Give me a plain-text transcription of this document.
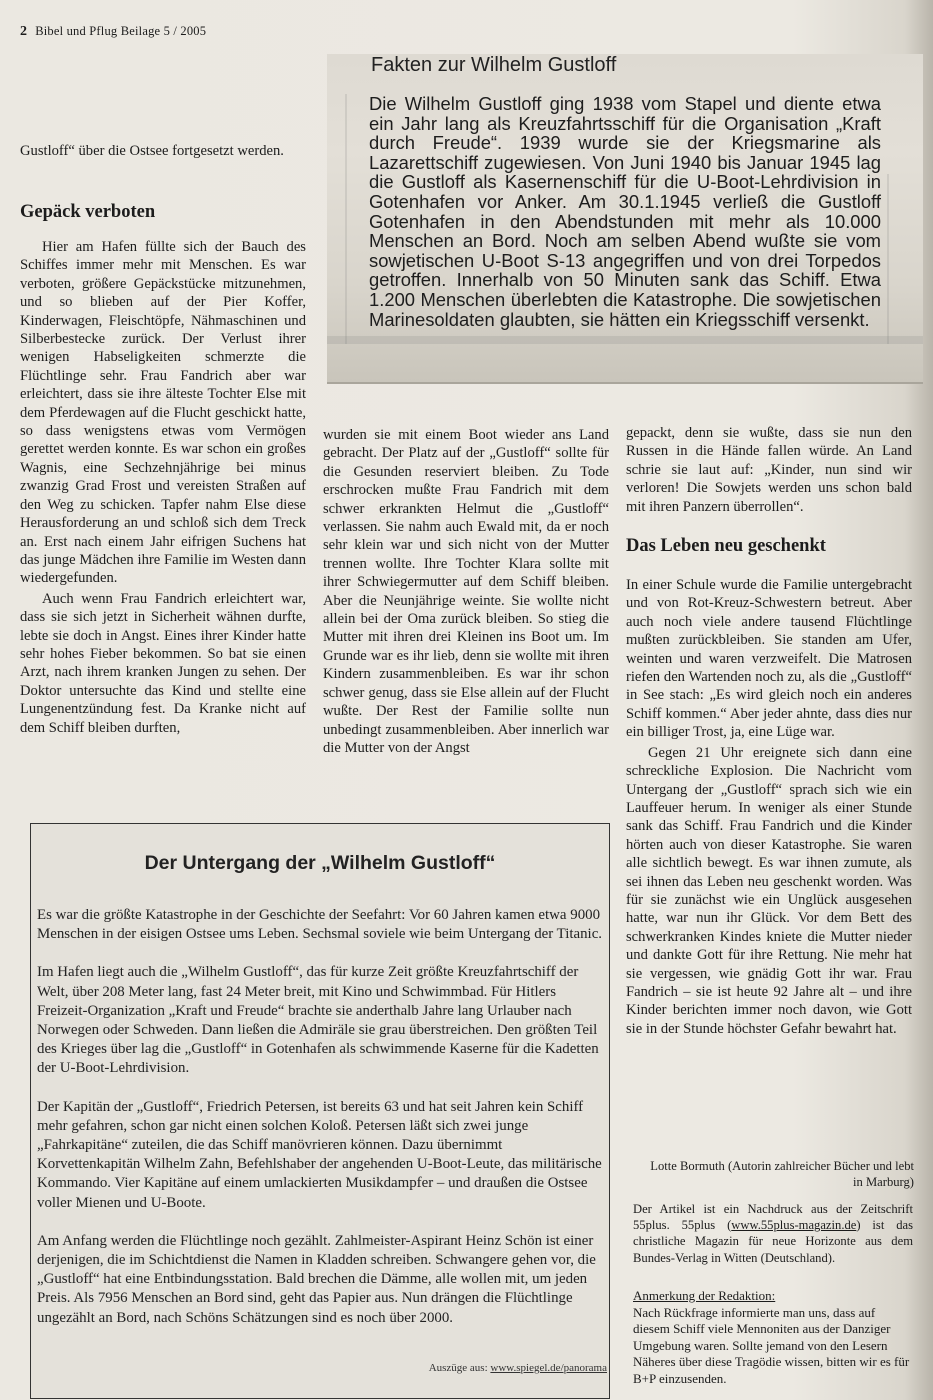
2 Bibel und Pflug Beilage 5 / 2005
Fakten zur Wilhelm Gustloff
Die Wilhelm Gustloff ging 1938 vom Stapel und diente etwa ein Jahr lang als Kreuzfahrtsschiff für die Organisation „Kraft durch Freude“. 1939 wurde sie der Kriegsmarine als Lazarettschiff zugewiesen. Von Juni 1940 bis Januar 1945 lag die Gustloff als Kasernenschiff für die U-Boot-Lehrdivision in Gotenhafen vor Anker. Am 30.1.1945 verließ die Gustloff Gotenhafen in den Abendstunden mit mehr als 10.000 Menschen an Bord. Noch am selben Abend wußte sie vom sowjetischen U-Boot S-13 angegriffen und von drei Torpedos getroffen. Innerhalb von 50 Minuten sank das Schiff. Etwa 1.200 Menschen überlebten die Katastrophe. Die sowjetischen Marinesoldaten glaubten, sie hätten ein Kriegsschiff versenkt.

Gustloff“ über die Ostsee fortgesetzt werden.

Gepäck verboten

Hier am Hafen füllte sich der Bauch des Schiffes immer mehr mit Menschen. Es war verboten, größere Gepäckstücke mitzunehmen, und so blieben auf der Pier Koffer, Kinderwagen, Fleischtöpfe, Nähmaschinen und Silberbestecke zurück. Der Verlust ihrer wenigen Habseligkeiten schmerzte die Flüchtlinge sehr. Frau Fandrich aber war erleichtert, dass sie ihre älteste Tochter Else mit dem Pferdewagen auf die Flucht geschickt hatte, so dass wenigstens etwas vom Vermögen gerettet werden konnte. Es war schon ein großes Wagnis, eine Sechzehnjährige bei minus zwanzig Grad Frost und vereisten Straßen auf den Weg zu schicken. Tapfer nahm Else diese Herausforderung an und schloß sich dem Treck an. Erst nach einem Jahr eifrigen Suchens hat das junge Mädchen ihre Familie im Westen dann wiedergefunden.

Auch wenn Frau Fandrich erleichtert war, dass sie sich jetzt in Sicherheit wähnen durfte, lebte sie doch in Angst. Eines ihrer Kinder hatte sehr hohes Fieber bekommen. So bat sie einen Arzt, nach ihrem kranken Jungen zu sehen. Der Doktor untersuchte das Kind und stellte eine Lungenentzündung fest. Da Kranke nicht auf dem Schiff bleiben durften,

wurden sie mit einem Boot wieder ans Land gebracht. Der Platz auf der „Gustloff“ sollte für die Gesunden reserviert bleiben. Zu Tode erschrocken mußte Frau Fandrich mit dem schwer erkrankten Helmut die „Gustloff“ verlassen. Sie nahm auch Ewald mit, da er noch sehr klein war und sich nicht von der Mutter trennen wollte. Ihre Tochter Klara sollte mit ihrer Schwiegermutter auf dem Schiff bleiben. Aber die Neunjährige weinte. Sie wollte nicht allein bei der Oma zurück bleiben. So stieg die Mutter mit ihren drei Kleinen ins Boot um. Im Grunde war es ihr lieb, denn sie wollte mit ihren Kindern zusammenbleiben. Es war ihr schon schwer genug, dass sie Else allein auf der Flucht wußte. Der Rest der Familie sollte nun unbedingt zusammenbleiben. Aber innerlich war die Mutter von der Angst

gepackt, denn sie wußte, dass sie nun den Russen in die Hände fallen würde. An Land schrie sie laut auf: „Kinder, nun sind wir verloren! Die Sowjets werden uns schon bald mit ihren Panzern überrollen“.

Das Leben neu geschenkt

In einer Schule wurde die Familie untergebracht und von Rot-Kreuz-Schwestern betreut. Aber auch noch viele andere tausend Flüchtlinge mußten zurückbleiben. Sie standen am Ufer, weinten und waren verzweifelt. Die Matrosen riefen den Wartenden noch zu, als die „Gustloff“ in See stach: „Es wird gleich noch ein anderes Schiff kommen.“ Aber jeder ahnte, dass dies nur ein billiger Trost, ja, eine Lüge war.

Gegen 21 Uhr ereignete sich dann eine schreckliche Explosion. Die Nachricht vom Untergang der „Gustloff“ sprach sich wie ein Lauffeuer herum. In weniger als einer Stunde sank das Schiff. Frau Fandrich und die Kinder hörten auch von dieser Katastrophe. Sie waren alle sichtlich bewegt. Es war ihnen zumute, als sei ihnen das Leben neu geschenkt worden. Was für sie zunächst wie ein Unglück ausgesehen hatte, war nun ihr Glück. Vor dem Bett des schwerkranken Kindes kniete die Mutter nieder und dankte Gott für ihre Rettung. Nie mehr hat sie vergessen, wie gnädig Gott ihr war. Frau Fandrich – sie ist heute 92 Jahre alt – und ihre Kinder berichten immer noch davon, wie Gott sie in der Stunde höchster Gefahr bewahrt hat.

Lotte Bormuth (Autorin zahlreicher Bücher und lebt in Marburg)
Der Artikel ist ein Nachdruck aus der Zeitschrift 55plus. 55plus (www.55plus-magazin.de) ist das christliche Magazin für neue Horizonte aus dem Bundes-Verlag in Witten (Deutschland).
Anmerkung der Redaktion:
Nach Rückfrage informierte man uns, dass auf diesem Schiff viele Mennoniten aus der Danziger Umgebung waren. Sollte jemand von den Lesern Näheres über diese Tragödie wissen, bitten wir es für B+P einzusenden.
Der Untergang der „Wilhelm Gustloff“

Es war die größte Katastrophe in der Geschichte der Seefahrt: Vor 60 Jahren kamen etwa 9000 Menschen in der eisigen Ostsee ums Leben. Sechsmal soviele wie beim Untergang der Titanic.

Im Hafen liegt auch die „Wilhelm Gustloff“, das für kurze Zeit größte Kreuzfahrtschiff der Welt, über 208 Meter lang, fast 24 Meter breit, mit Kino und Schwimmbad. Für Hitlers Freizeit-Organization „Kraft und Freude“ brachte sie anderthalb Jahre lang Urlauber nach Norwegen oder Schweden. Dann ließen die Admiräle sie grau überstreichen. Den größten Teil des Krieges über lag die „Gustloff“ in Gotenhafen als schwimmende Kaserne für die Kadetten der U-Boot-Lehrdivision.

Der Kapitän der „Gustloff“, Friedrich Petersen, ist bereits 63 und hat seit Jahren kein Schiff mehr gefahren, schon gar nicht einen solchen Koloß. Petersen läßt sich zwei junge „Fahrkapitäne“ zuteilen, die das Schiff manövrieren können. Dazu übernimmt Korvettenkapitän Wilhelm Zahn, Befehlshaber der angehenden U-Boot-Leute, das militärische Kommando. Vier Kapitäne auf einem umlackierten Musikdampfer – und draußen die Ostsee voller Mienen und U-Boote.

Am Anfang werden die Flüchtlinge noch gezählt. Zahlmeister-Aspirant Heinz Schön ist einer derjenigen, die im Schichtdienst die Namen in Kladden schreiben. Schwangere gehen vor, die „Gustloff“ hat eine Entbindungsstation. Bald brechen die Dämme, alle wollen mit, um jeden Preis. Als 7956 Menschen an Bord sind, geht das Papier aus. Nun drängen die Flüchtlinge ungezählt an Bord, nach Schöns Schätzungen sind es noch über 2000.

Auszüge aus: www.spiegel.de/panorama
